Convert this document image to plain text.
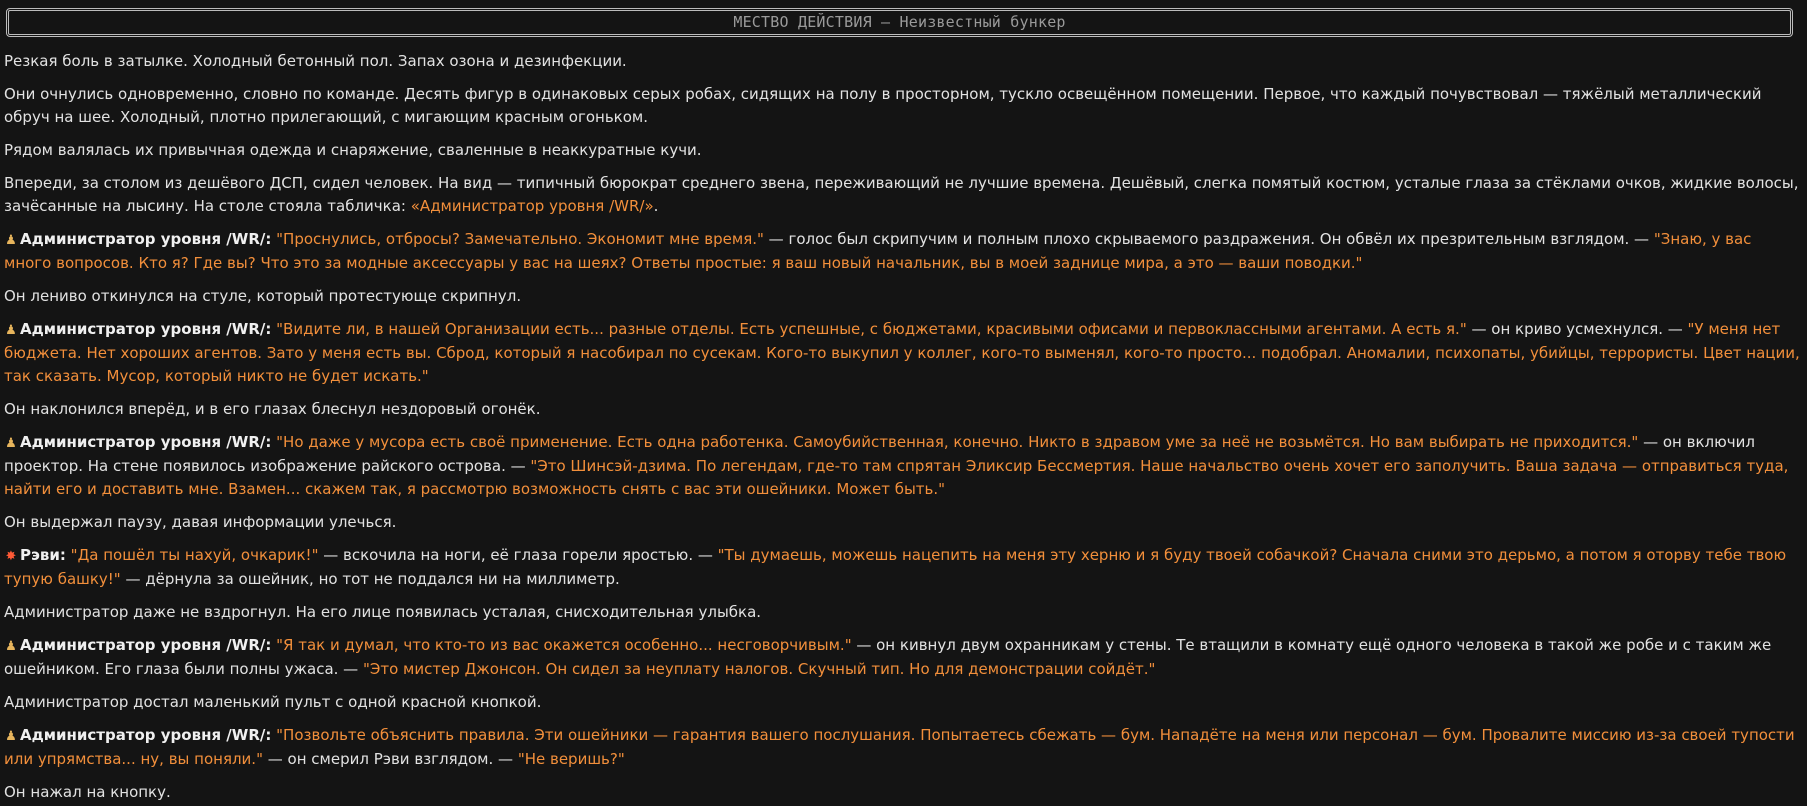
МЕСТВО ДЕЙСТВИЯ – Неизвестный бункер

Резкая боль в затылке. Холодный бетонный пол. Запах озона и дезинфекции.

Они очнулись одновременно, словно по команде. Десять фигур в одинаковых серых робах, сидящих на полу в просторном, тускло освещённом помещении. Первое, что каждый почувствовал — тяжёлый металлический обруч на шее. Холодный, плотно прилегающий, с мигающим красным огоньком.

Рядом валялась их привычная одежда и снаряжение, сваленные в неаккуратные кучи.

Впереди, за столом из дешёвого ДСП, сидел человек. На вид — типичный бюрократ среднего звена, переживающий не лучшие времена. Дешёвый, слегка помятый костюм, усталые глаза за стёклами очков, жидкие волосы, зачёсанные на лысину. На столе стояла табличка: «Администратор уровня /WR/».

♟ Администратор уровня /WR/: "Проснулись, отбросы? Замечательно. Экономит мне время." — голос был скрипучим и полным плохо скрываемого раздражения. Он обвёл их презрительным взглядом. — "Знаю, у вас много вопросов. Кто я? Где вы? Что это за модные аксессуары у вас на шеях? Ответы простые: я ваш новый начальник, вы в моей заднице мира, а это — ваши поводки."

Он лениво откинулся на стуле, который протестующе скрипнул.

♟ Администратор уровня /WR/: "Видите ли, в нашей Организации есть... разные отделы. Есть успешные, с бюджетами, красивыми офисами и первоклассными агентами. А есть я." — он криво усмехнулся. — "У меня нет бюджета. Нет хороших агентов. Зато у меня есть вы. Сброд, который я насобирал по сусекам. Кого-то выкупил у коллег, кого-то выменял, кого-то просто... подобрал. Аномалии, психопаты, убийцы, террористы. Цвет нации, так сказать. Мусор, который никто не будет искать."

Он наклонился вперёд, и в его глазах блеснул нездоровый огонёк.

♟ Администратор уровня /WR/: "Но даже у мусора есть своё применение. Есть одна работенка. Самоубийственная, конечно. Никто в здравом уме за неё не возьмётся. Но вам выбирать не приходится." — он включил проектор. На стене появилось изображение райского острова. — "Это Шинсэй-дзима. По легендам, где-то там спрятан Эликсир Бессмертия. Наше начальство очень хочет его заполучить. Ваша задача — отправиться туда, найти его и доставить мне. Взамен... скажем так, я рассмотрю возможность снять с вас эти ошейники. Может быть."

Он выдержал паузу, давая информации улечься.

✸ Рэви: "Да пошёл ты нахуй, очкарик!" — вскочила на ноги, её глаза горели яростью. — "Ты думаешь, можешь нацепить на меня эту херню и я буду твоей собачкой? Сначала сними это дерьмо, а потом я оторву тебе твою тупую башку!" — дёрнула за ошейник, но тот не поддался ни на миллиметр.

Администратор даже не вздрогнул. На его лице появилась усталая, снисходительная улыбка.

♟ Администратор уровня /WR/: "Я так и думал, что кто-то из вас окажется особенно... несговорчивым." — он кивнул двум охранникам у стены. Те втащили в комнату ещё одного человека в такой же робе и с таким же ошейником. Его глаза были полны ужаса. — "Это мистер Джонсон. Он сидел за неуплату налогов. Скучный тип. Но для демонстрации сойдёт."

Администратор достал маленький пульт с одной красной кнопкой.

♟ Администратор уровня /WR/: "Позвольте объяснить правила. Эти ошейники — гарантия вашего послушания. Попытаетесь сбежать — бум. Нападёте на меня или персонал — бум. Провалите миссию из-за своей тупости или упрямства... ну, вы поняли." — он смерил Рэви взглядом. — "Не веришь?"

Он нажал на кнопку.
